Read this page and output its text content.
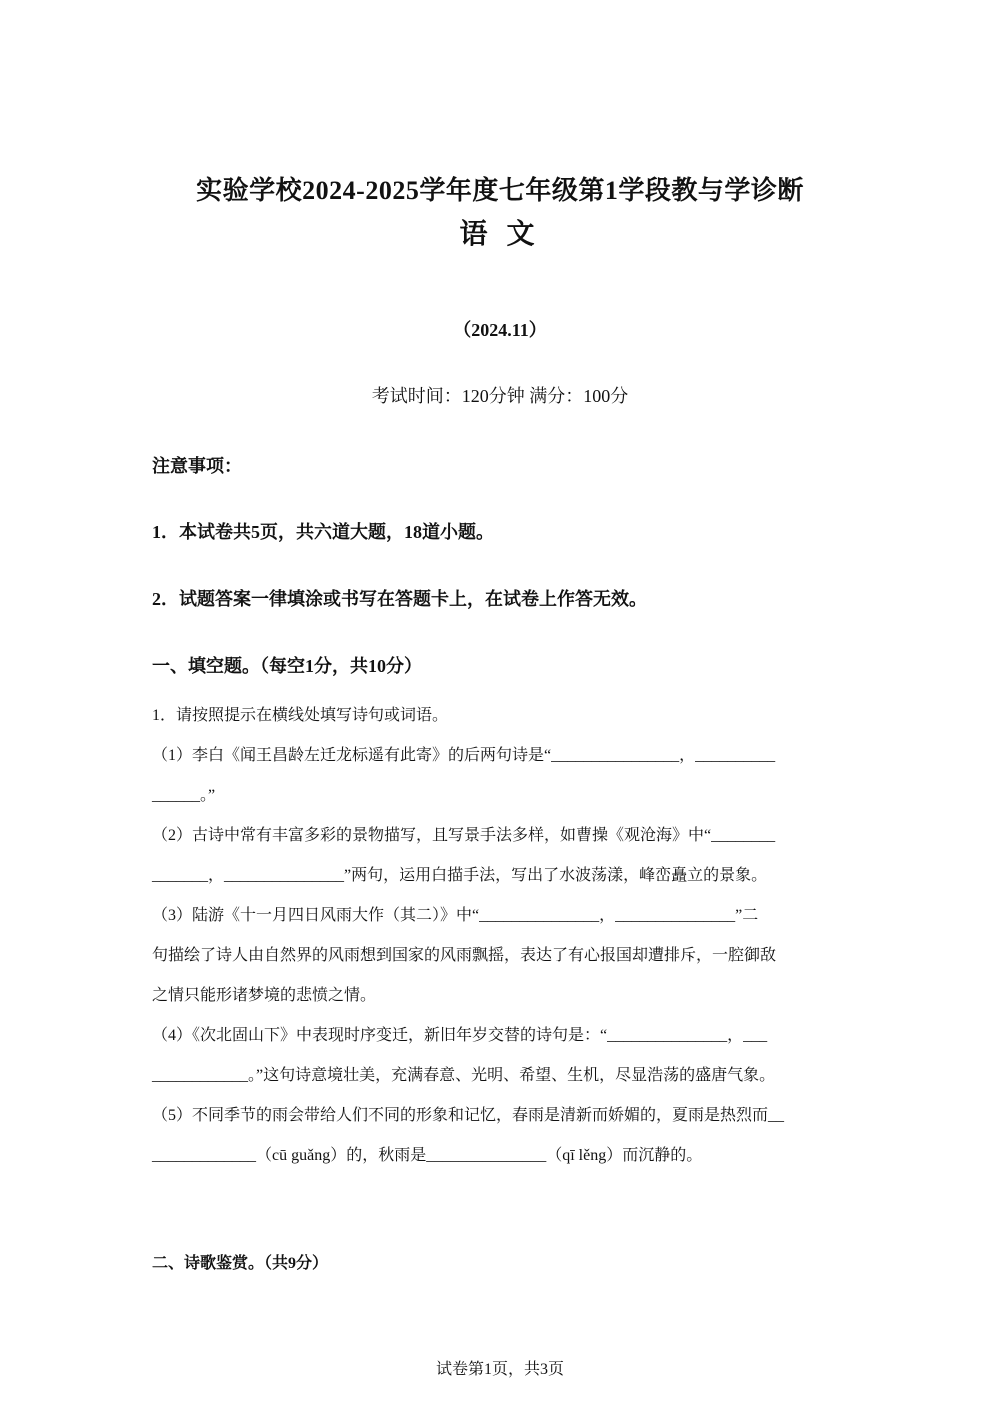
实验学校2024-2025学年度七年级第1学段教与学诊断
语 文
（2024.11）
考试时间：120分钟 满分：100分
注意事项：
1．本试卷共5页，共六道大题，18道小题。
2．试题答案一律填涂或书写在答题卡上，在试卷上作答无效。
一、填空题。（每空1分，共10分）
1．请按照提示在横线处填写诗句或词语。
（1）李白《闻王昌龄左迁龙标遥有此寄》的后两句诗是“________________，__________
______。”
（2）古诗中常有丰富多彩的景物描写，且写景手法多样，如曹操《观沧海》中“________
_______，_______________”两句，运用白描手法，写出了水波荡漾，峰峦矗立的景象。
（3）陆游《十一月四日风雨大作（其二）》中“_______________，_______________”二
句描绘了诗人由自然界的风雨想到国家的风雨飘摇，表达了有心报国却遭排斥，一腔御敌
之情只能形诸梦境的悲愤之情。
（4）《次北固山下》中表现时序变迁，新旧年岁交替的诗句是：“_______________，___
____________。”这句诗意境壮美，充满春意、光明、希望、生机，尽显浩荡的盛唐气象。
（5）不同季节的雨会带给人们不同的形象和记忆，春雨是清新而娇媚的，夏雨是热烈而__
_____________（cū guǎng）的，秋雨是_______________（qī lěng）而沉静的。
二、诗歌鉴赏。（共9分）
试卷第1页，共3页
